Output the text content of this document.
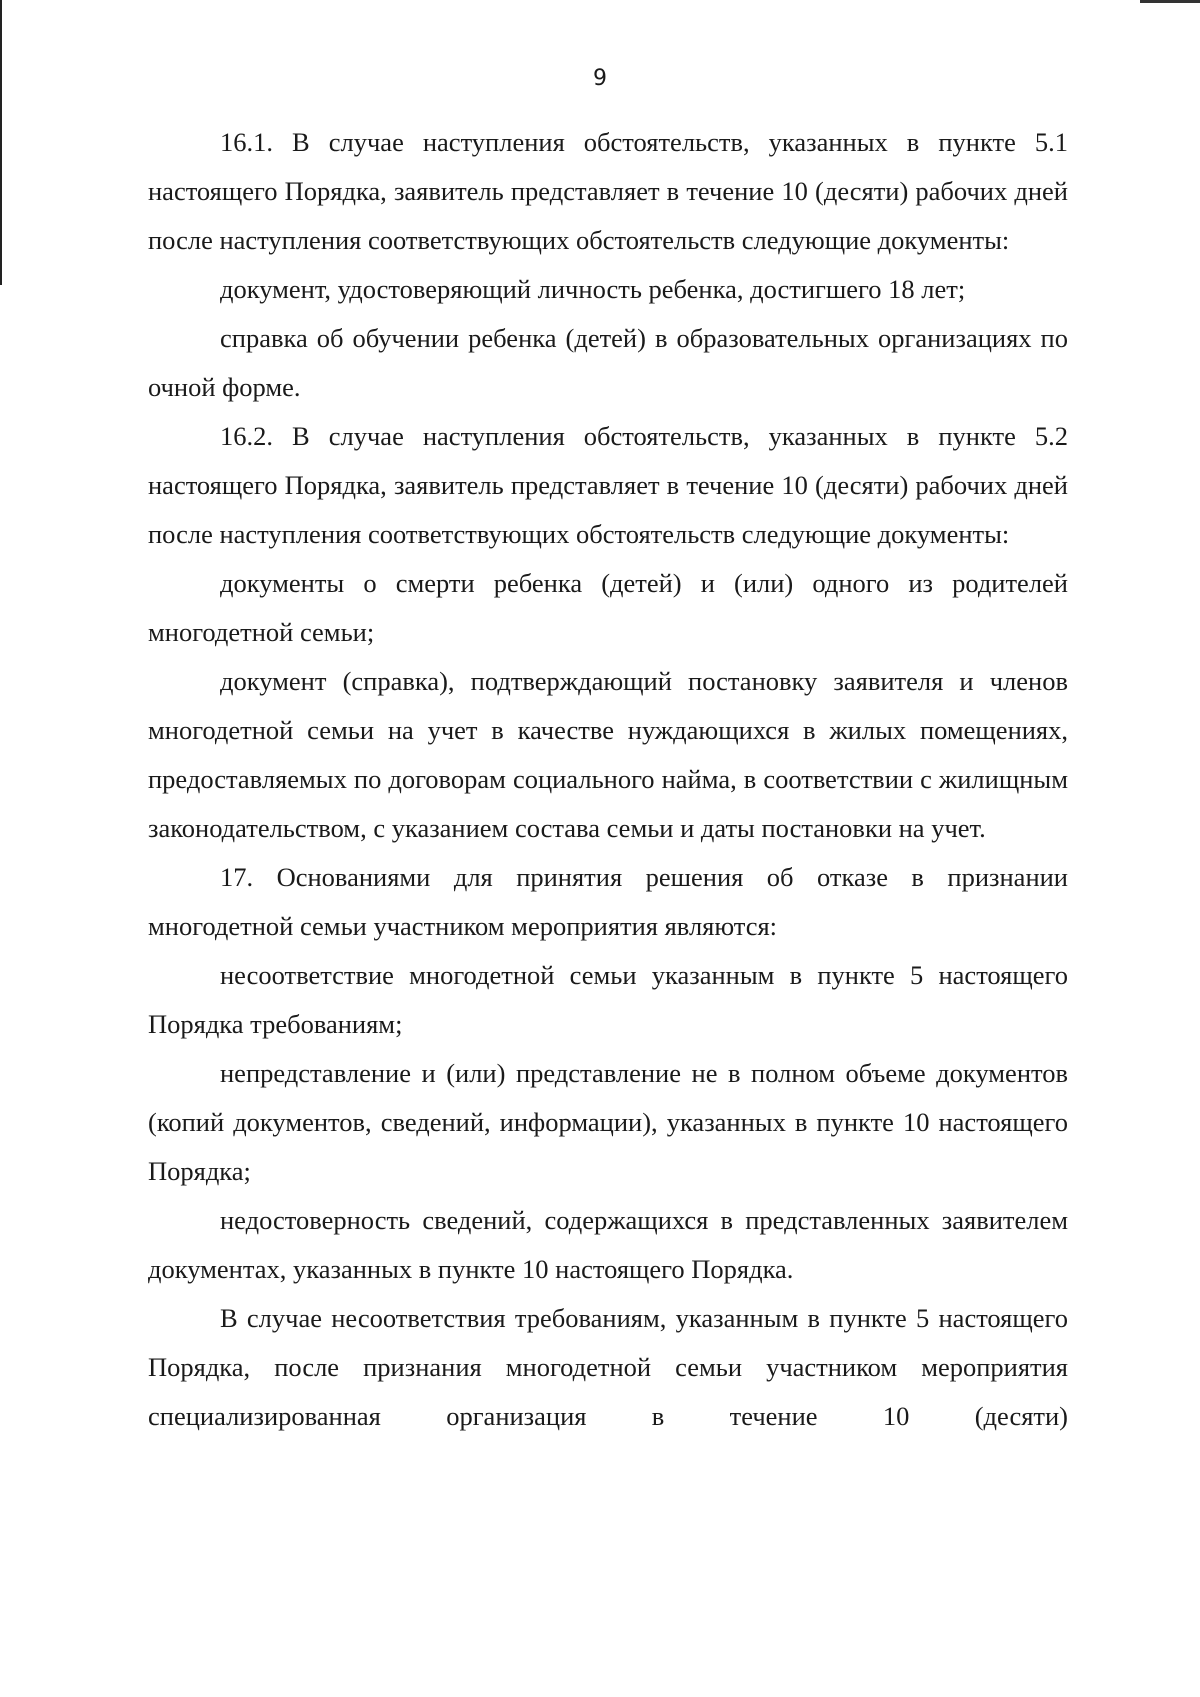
9

16.1. В случае наступления обстоятельств, указанных в пункте 5.1 настоящего Порядка, заявитель представляет в течение 10 (десяти) рабочих дней после наступления соответствующих обстоятельств следующие документы:

документ, удостоверяющий личность ребенка, достигшего 18 лет;

справка об обучении ребенка (детей) в образовательных организациях по очной форме.

16.2. В случае наступления обстоятельств, указанных в пункте 5.2 настоящего Порядка, заявитель представляет в течение 10 (десяти) рабочих дней после наступления соответствующих обстоятельств следующие документы:

документы о смерти ребенка (детей) и (или) одного из родителей многодетной семьи;

документ (справка), подтверждающий постановку заявителя и членов многодетной семьи на учет в качестве нуждающихся в жилых помещениях, предоставляемых по договорам социального найма, в соответствии с жилищным законодательством, с указанием состава семьи и даты постановки на учет.

17. Основаниями для принятия решения об отказе в признании многодетной семьи участником мероприятия являются:

несоответствие многодетной семьи указанным в пункте 5 настоящего Порядка требованиям;

непредставление и (или) представление не в полном объеме документов (копий документов, сведений, информации), указанных в пункте 10 настоящего Порядка;

недостоверность сведений, содержащихся в представленных заявителем документах, указанных в пункте 10 настоящего Порядка.

В случае несоответствия требованиям, указанным в пункте 5 настоящего Порядка, после признания многодетной семьи участником мероприятия специализированная организация в течение 10 (десяти)
